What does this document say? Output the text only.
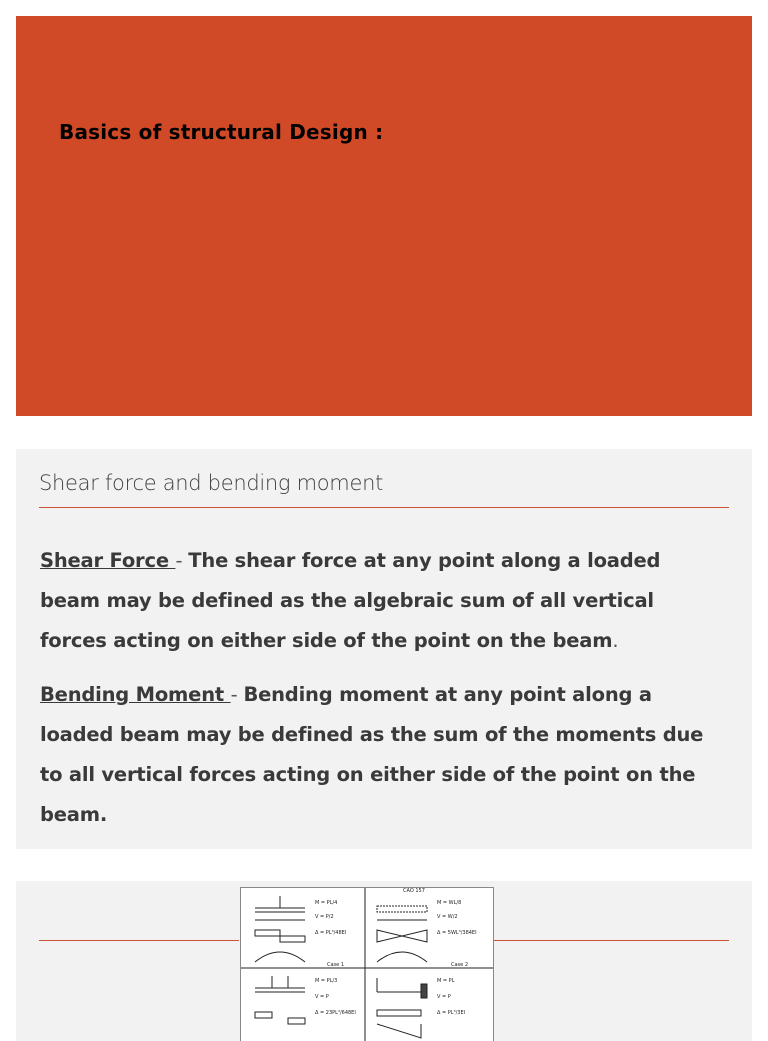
Basics of structural Design :
Shear force and bending moment

Shear Force - The shear force at any point along a loaded beam may be defined as the algebraic sum of all vertical forces acting on either side of the point on the beam.

Bending Moment - Bending moment at any point along a loaded beam may be defined as the sum of the moments due to all vertical forces acting on either side of the point on the beam.

CAO 157
Case 1	Case 2
M = PL/4
V = P/2
Δ = PL³/48EI
M = WL/8
V = W/2
Δ = 5WL³/384EI
M = PL/3
V = P
Δ = 23PL³/648EI
M = PL
V = P
Δ = PL³/3EI
